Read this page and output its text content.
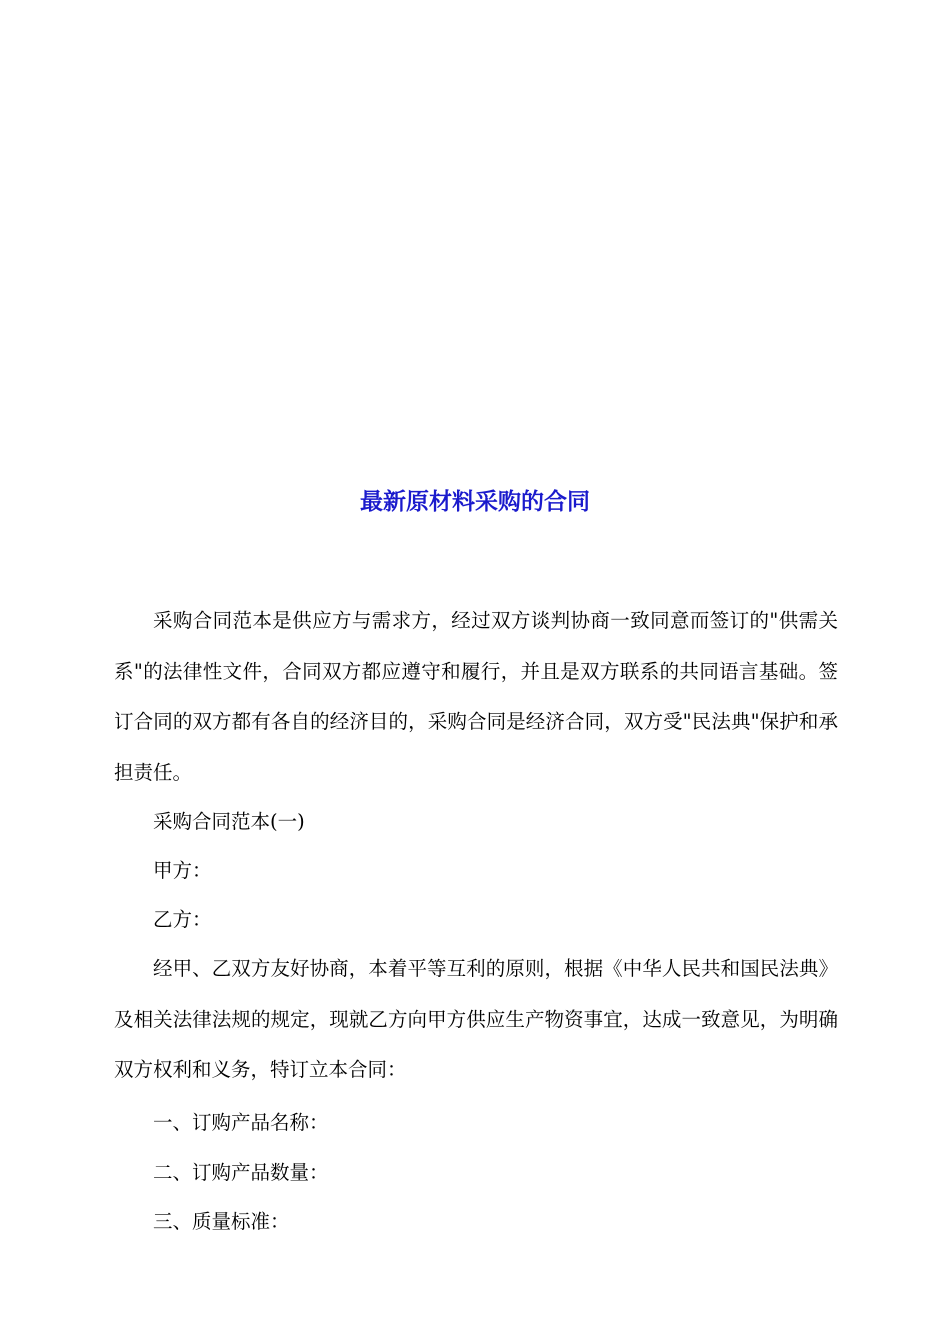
最新原材料采购的合同

采购合同范本是供应方与需求方，经过双方谈判协商一致同意而签订的"供需关系"的法律性文件，合同双方都应遵守和履行，并且是双方联系的共同语言基础。签订合同的双方都有各自的经济目的，采购合同是经济合同，双方受"民法典"保护和承担责任。

采购合同范本(一)

甲方：

乙方：

经甲、乙双方友好协商，本着平等互利的原则，根据《中华人民共和国民法典》及相关法律法规的规定，现就乙方向甲方供应生产物资事宜，达成一致意见，为明确双方权利和义务，特订立本合同：

一、订购产品名称：

二、订购产品数量：

三、质量标准：
